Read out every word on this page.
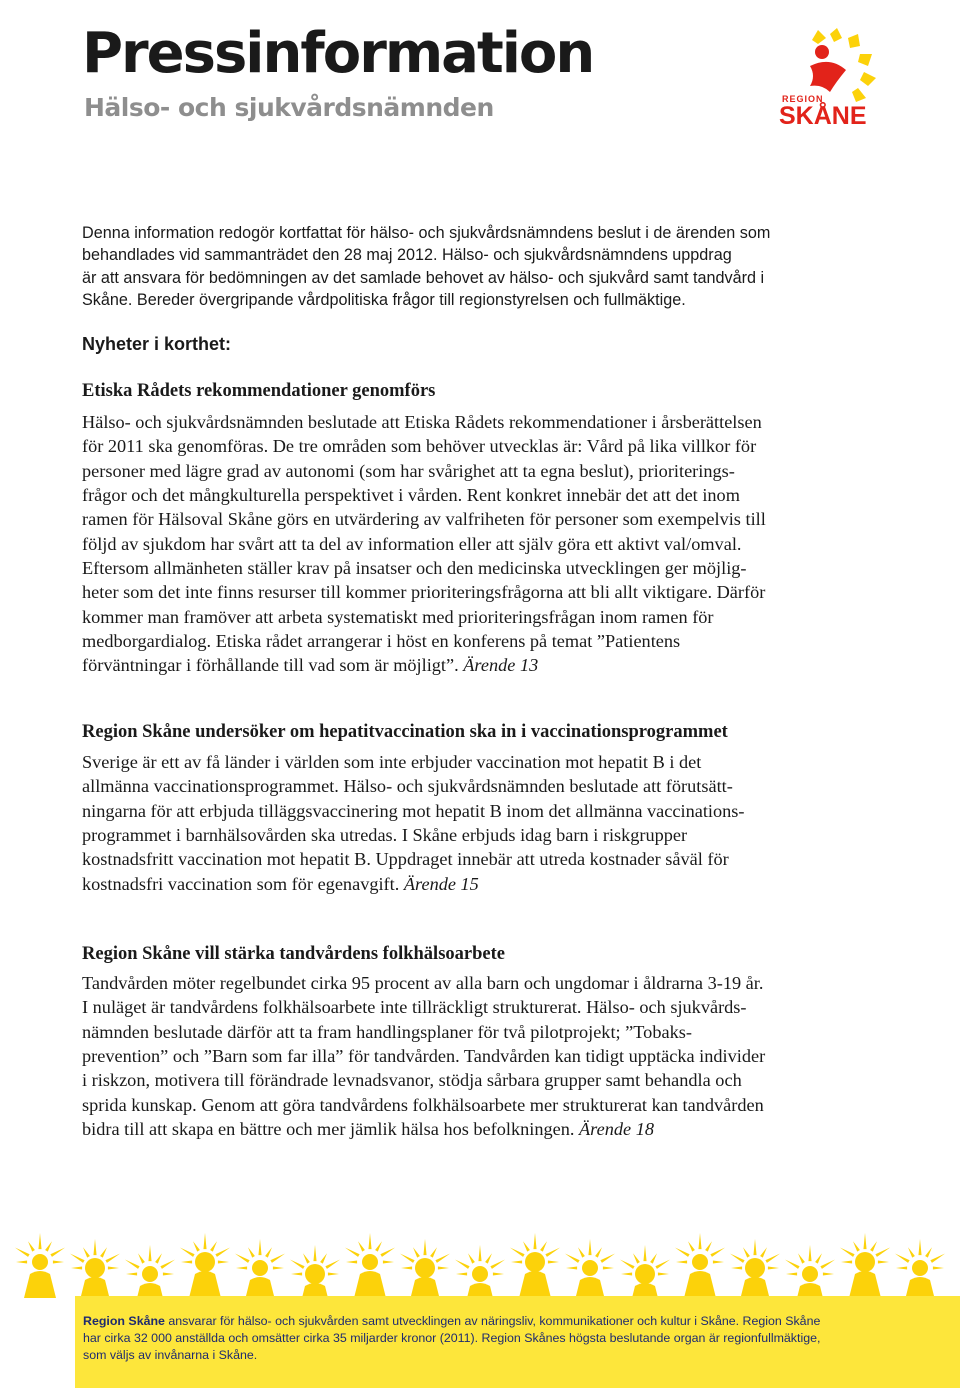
Pressinformation
Hälso- och sjukvårdsnämnden	REGION
SKÅNE

Denna information redogör kortfattat för hälso- och sjukvårdsnämndens beslut i de ärenden som
behandlades vid sammanträdet den 28 maj 2012. Hälso- och sjukvårdsnämndens uppdrag
är att ansvara för bedömningen av det samlade behovet av hälso- och sjukvård samt tandvård i
Skåne. Bereder övergripande vårdpolitiska frågor till regionstyrelsen och fullmäktige.

Nyheter i korthet:
Etiska Rådets rekommendationer genomförs

Hälso- och sjukvårdsnämnden beslutade att Etiska Rådets rekommendationer i årsberättelsen
för 2011 ska genomföras. De tre områden som behöver utvecklas är: Vård på lika villkor för
personer med lägre grad av autonomi (som har svårighet att ta egna beslut), prioriterings-
frågor och det mångkulturella perspektivet i vården. Rent konkret innebär det att det inom
ramen för Hälsoval Skåne görs en utvärdering av valfriheten för personer som exempelvis till
följd av sjukdom har svårt att ta del av information eller att själv göra ett aktivt val/omval.
Eftersom allmänheten ställer krav på insatser och den medicinska utvecklingen ger möjlig-
heter som det inte finns resurser till kommer prioriteringsfrågorna att bli allt viktigare. Därför
kommer man framöver att arbeta systematiskt med prioriteringsfrågan inom ramen för
medborgardialog. Etiska rådet arrangerar i höst en konferens på temat ”Patientens
förväntningar i förhållande till vad som är möjligt”. Ärende 13

Region Skåne undersöker om hepatitvaccination ska in i vaccinationsprogrammet

Sverige är ett av få länder i världen som inte erbjuder vaccination mot hepatit B i det
allmänna vaccinationsprogrammet. Hälso- och sjukvårdsnämnden beslutade att förutsätt-
ningarna för att erbjuda tilläggsvaccinering mot hepatit B inom det allmänna vaccinations-
programmet i barnhälsovården ska utredas. I Skåne erbjuds idag barn i riskgrupper
kostnadsfritt vaccination mot hepatit B. Uppdraget innebär att utreda kostnader såväl för
kostnadsfri vaccination som för egenavgift. Ärende 15

Region Skåne vill stärka tandvårdens folkhälsoarbete

Tandvården möter regelbundet cirka 95 procent av alla barn och ungdomar i åldrarna 3-19 år.
I nuläget är tandvårdens folkhälsoarbete inte tillräckligt strukturerat. Hälso- och sjukvårds-
nämnden beslutade därför att ta fram handlingsplaner för två pilotprojekt; ”Tobaks-
prevention” och ”Barn som far illa” för tandvården. Tandvården kan tidigt upptäcka individer
i riskzon, motivera till förändrade levnadsvanor, stödja sårbara grupper samt behandla och
sprida kunskap. Genom att göra tandvårdens folkhälsoarbete mer strukturerat kan tandvården
bidra till att skapa en bättre och mer jämlik hälsa hos befolkningen. Ärende 18

Region Skåne ansvarar för hälso- och sjukvården samt utvecklingen av näringsliv, kommunikationer och kultur i Skåne. Region Skåne
har cirka 32 000 anställda och omsätter cirka 35 miljarder kronor (2011). Region Skånes högsta beslutande organ är regionfullmäktige,
som väljs av invånarna i Skåne.
